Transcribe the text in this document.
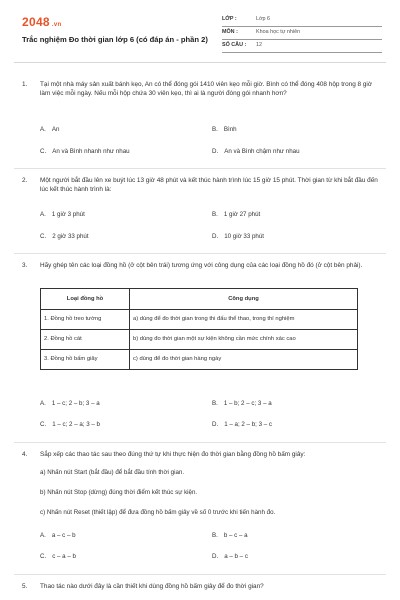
2048 .vn
Trắc nghiệm Đo thời gian lớp 6 (có đáp án - phần 2)
LỚP :	Lớp 6
MÔN :	Khoa học tự nhiên
SỐ CÂU :	12
1.	Tại một nhà máy sản xuất bánh kẹo, An có thể đóng gói 1410 viên kẹo mỗi giờ. Bình có thể đóng 408 hộp trong 8 giờ làm việc mỗi ngày. Nếu mỗi hộp chứa 30 viên kẹo, thì ai là người đóng gói nhanh hơn?

A. An	B. Bình
C. An và Bình nhanh như nhau	D. An và Bình chậm như nhau
2.	Một người bắt đầu lên xe buýt lúc 13 giờ 48 phút và kết thúc hành trình lúc 15 giờ 15 phút. Thời gian từ khi bắt đầu đến lúc kết thúc hành trình là:

A. 1 giờ 3 phút	B. 1 giờ 27 phút
C. 2 giờ 33 phút	D. 10 giờ 33 phút
3.	Hãy ghép tên các loại đồng hồ (ở cột bên trái) tương ứng với công dụng của các loại đồng hồ đó (ở cột bên phải).

Loại đồng hồ	Công dụng
1. Đồng hồ treo tường	a) dùng để đo thời gian trong thi đấu thể thao, trong thí nghiệm
2. Đồng hồ cát	b) dùng đo thời gian một sự kiện không cần mức chính xác cao
3. Đồng hồ bấm giây	c) dùng để đo thời gian hàng ngày
A. 1 – c; 2 – b; 3 – a	B. 1 – b; 2 – c; 3 – a
C. 1 – c; 2 – a; 3 – b	D. 1 – a; 2 – b; 3 – c
4.	Sắp xếp các thao tác sau theo đúng thứ tự khi thực hiện đo thời gian bằng đồng hồ bấm giây:

a) Nhấn nút Start (bắt đầu) để bắt đầu tính thời gian.
b) Nhấn nút Stop (dừng) đúng thời điểm kết thúc sự kiện.
c) Nhấn nút Reset (thiết lập) để đưa đồng hồ bấm giây về số 0 trước khi tiến hành đo.
A. a – c – b	B. b – c – a
C. c – a – b	D. a – b – c
5.	Thao tác nào dưới đây là cần thiết khi dùng đồng hồ bấm giây để đo thời gian?
